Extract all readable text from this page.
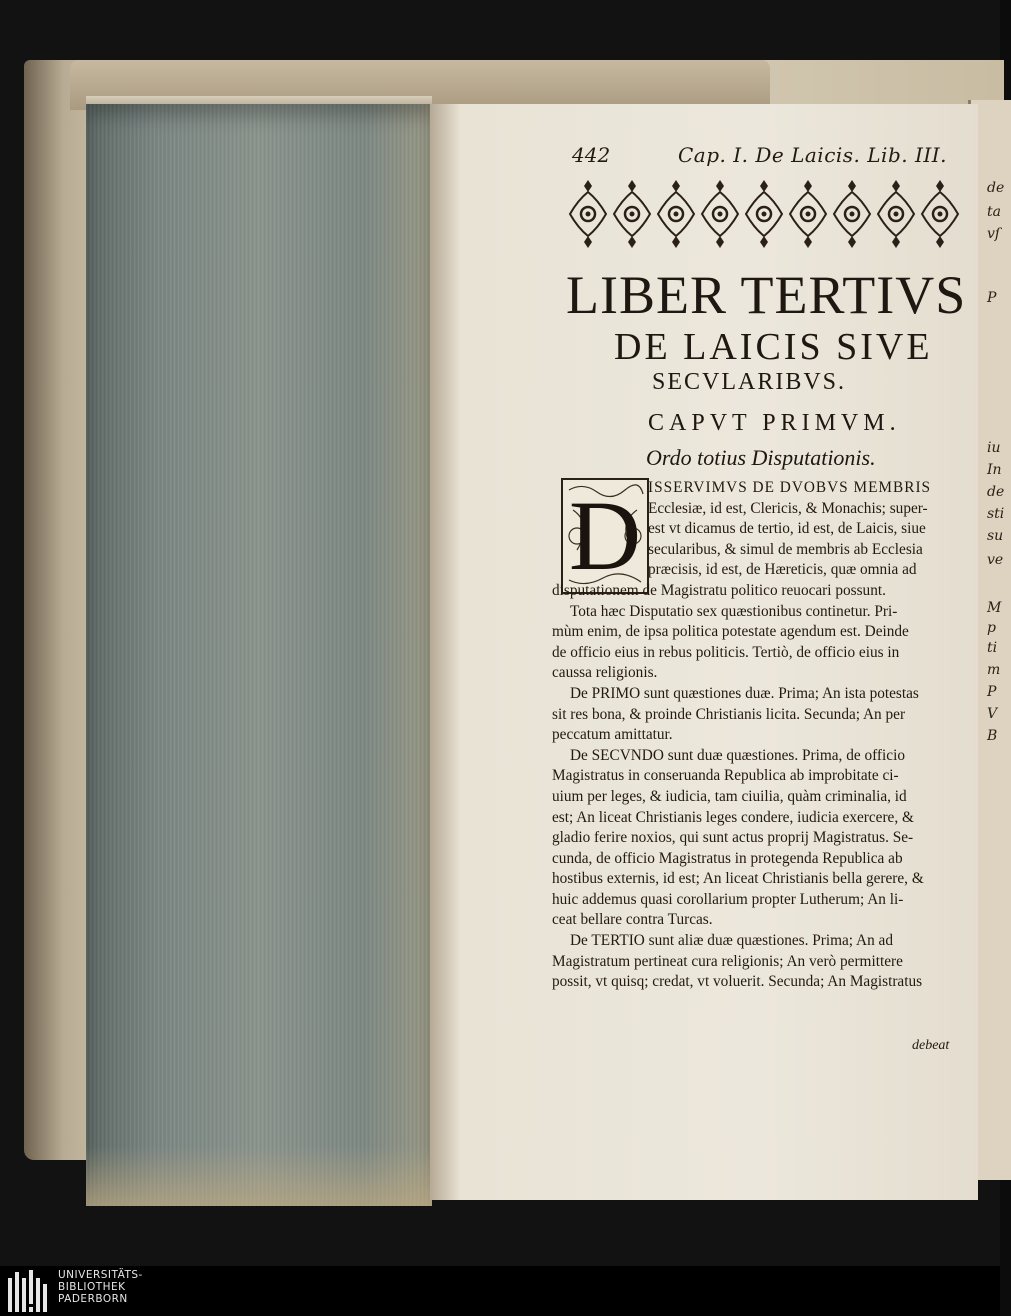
de
ta
vſ
P
iu
In
de
sti
su
ve
M
p
ti
m
P
V
B
442	Cap. I. De Laicis. Lib. III.
LIBER TERTIVS
DE LAICIS SIVE
SECVLARIBVS.
CAPVT PRIMVM.
Ordo totius Disputationis.
D ISSERVIMVS DE DVOBVS MEMBRIS
Ecclesiæ, id est, Clericis, & Monachis; super-
est vt dicamus de tertio, id est, de Laicis, siue
secularibus, & simul de membris ab Ecclesia
præcisis, id est, de Hæreticis, quæ omnia ad
disputationem de Magistratu politico reuocari possunt.
Tota hæc Disputatio sex quæstionibus continetur. Pri-
mùm enim, de ipsa politica potestate agendum est. Deinde
de officio eius in rebus politicis. Tertiò, de officio eius in
caussa religionis.
De PRIMO sunt quæstiones duæ. Prima; An ista potestas
sit res bona, & proinde Christianis licita. Secunda; An per
peccatum amittatur.
De SECVNDO sunt duæ quæstiones. Prima, de officio
Magistratus in conseruanda Republica ab improbitate ci-
uium per leges, & iudicia, tam ciuilia, quàm criminalia, id
est; An liceat Christianis leges condere, iudicia exercere, &
gladio ferire noxios, qui sunt actus proprij Magistratus. Se-
cunda, de officio Magistratus in protegenda Republica ab
hostibus externis, id est; An liceat Christianis bella gerere, &
huic addemus quasi corollarium propter Lutherum; An li-
ceat bellare contra Turcas.
De TERTIO sunt aliæ duæ quæstiones. Prima; An ad
Magistratum pertineat cura religionis; An verò permittere
possit, vt quisq; credat, vt voluerit. Secunda; An Magistratus
debeat
UNIVERSITÄTS-
BIBLIOTHEK
PADERBORN
